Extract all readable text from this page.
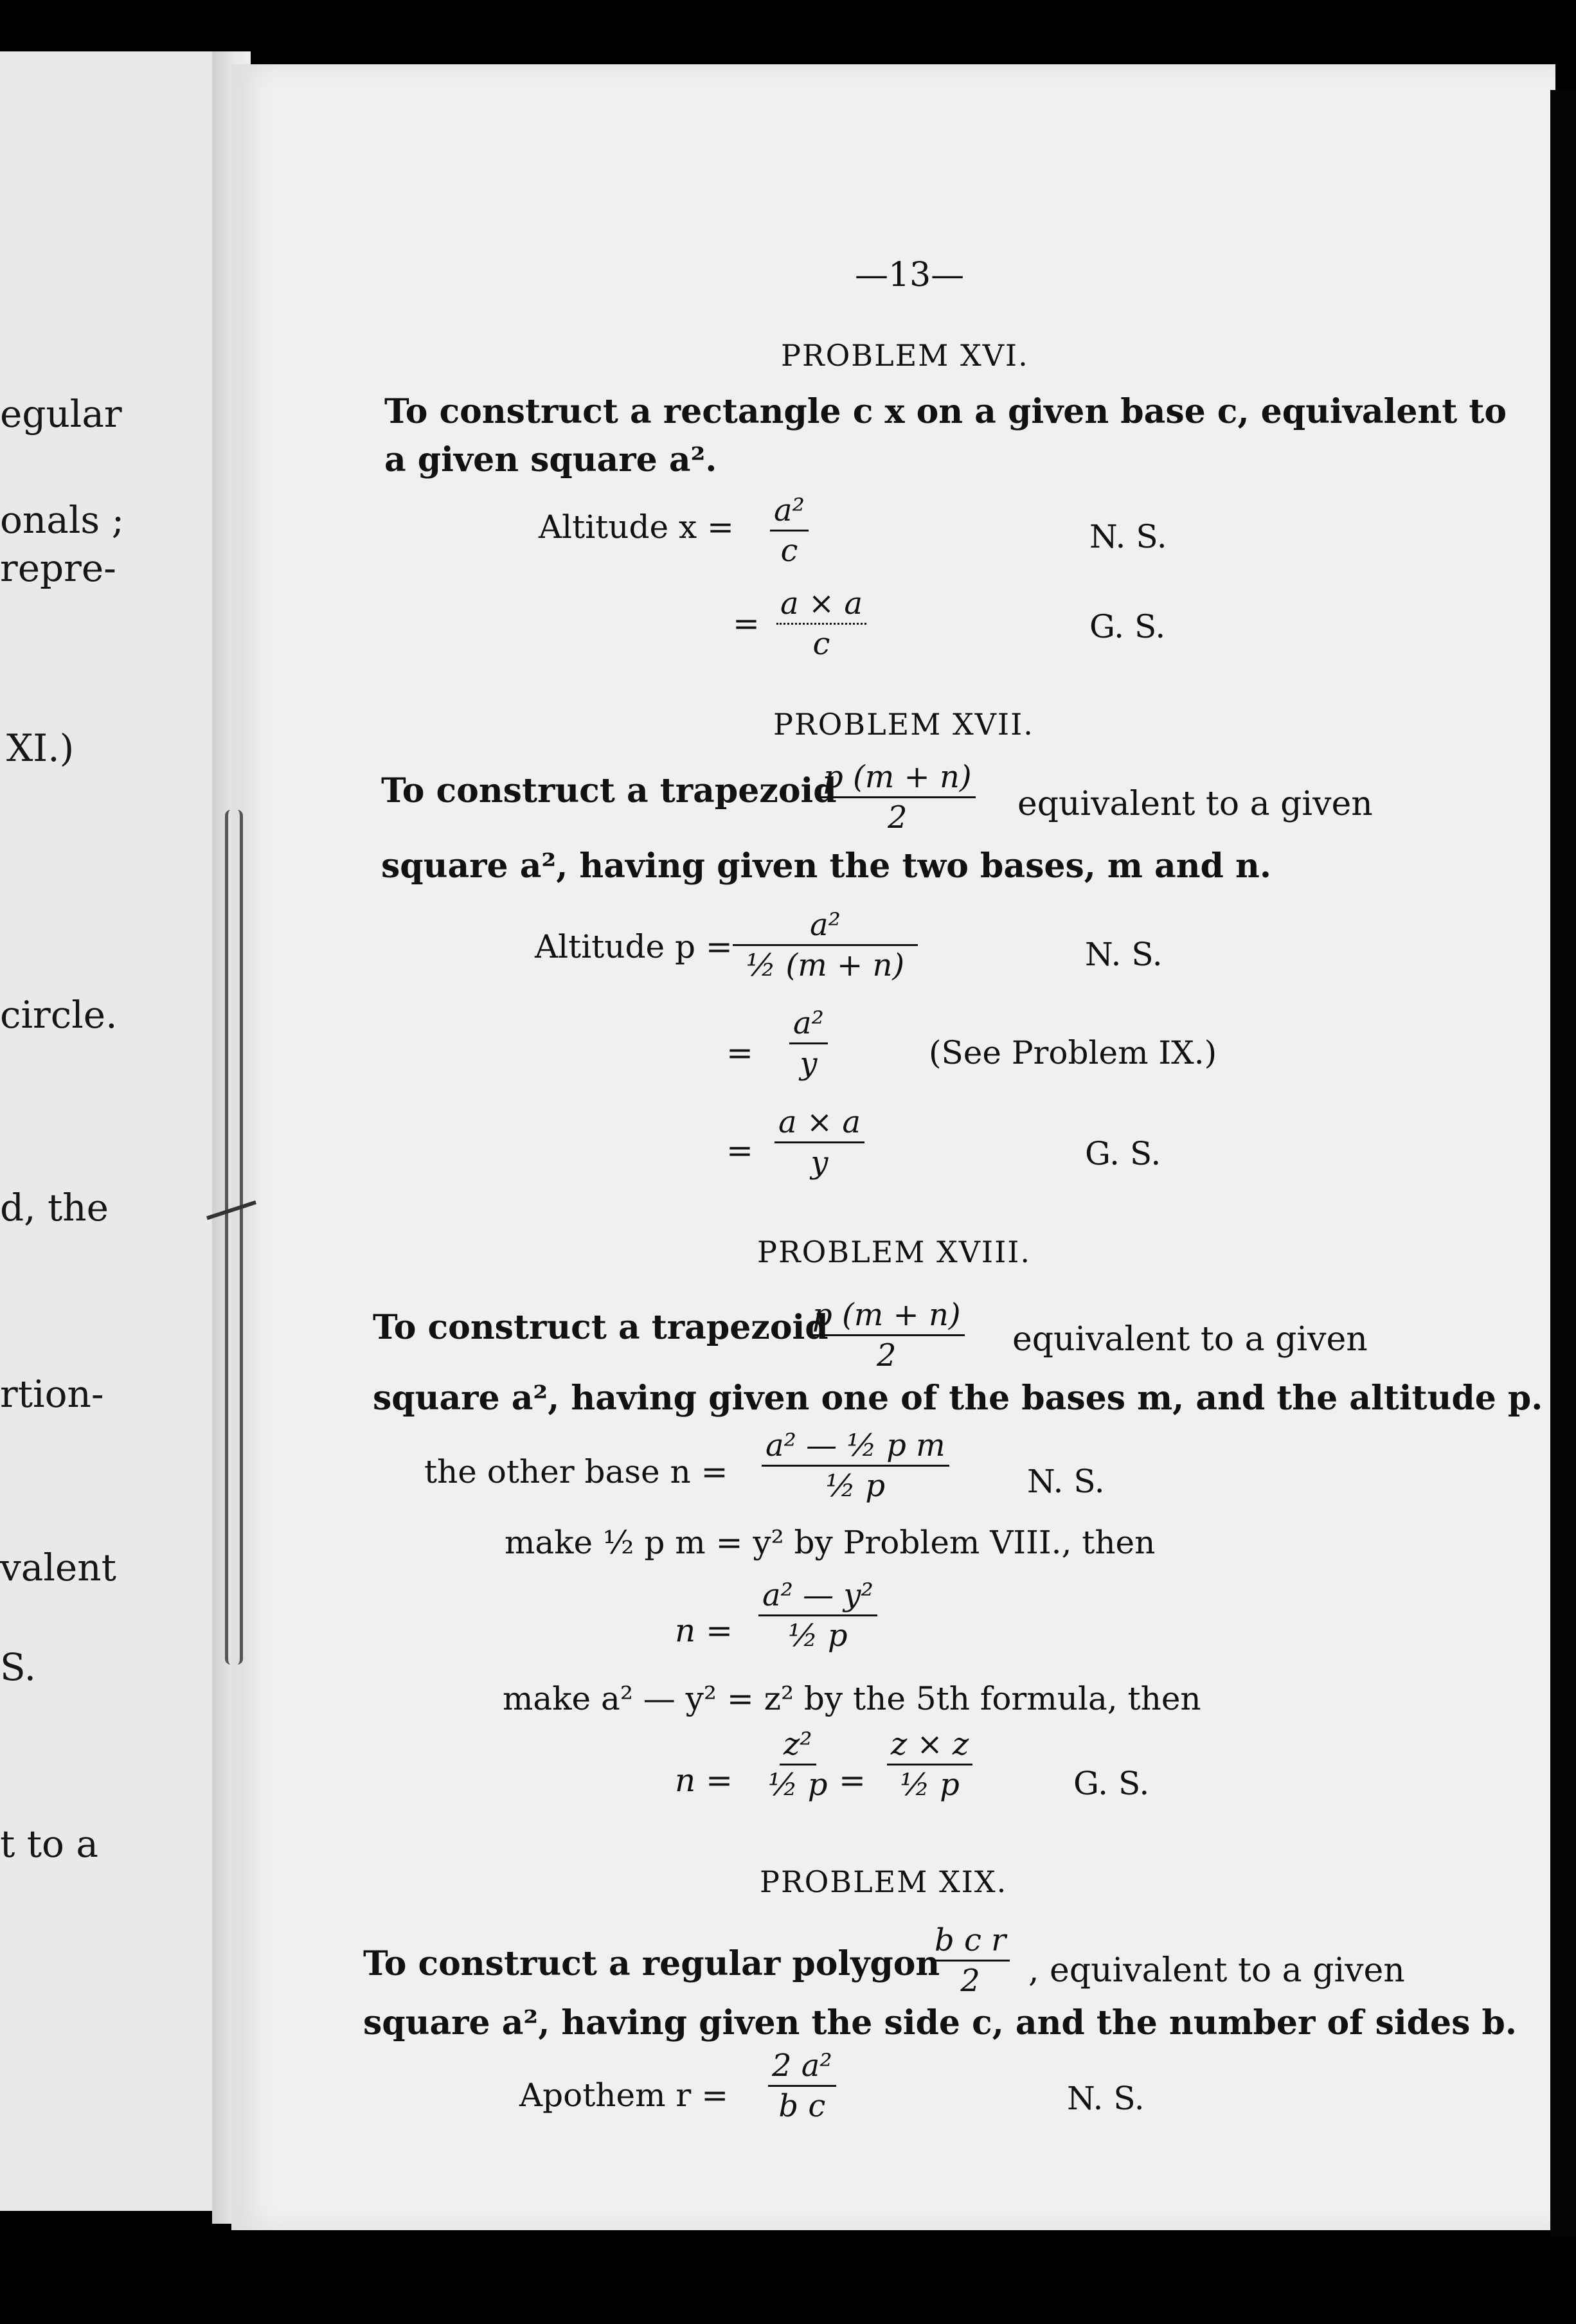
egular
onals ;
repre-
XI.)
circle.
d, the
rtion-
valent
S.
t to a
—13—
PROBLEM XVI.
To construct a rectangle c x on a given base c, equivalent to
a given square a².
Altitude $x = \frac{\text{a²}}{c}$	N. S.
= $\frac{a \times a}{c}$	G. S.
PROBLEM XVII.
To construct a trapezoid
$\frac{p (m + n)}{2}$ equivalent to a given
square a², having given the two bases, m and n.
Altitude $p = \frac{\text{a²}}{\text{½ (m + n)}}$	N. S.
= $\frac{\text{a²}}{y}$	(See Problem IX.)
= $\frac{a \times a}{y}$	G. S.
PROBLEM XVIII.
To construct a trapezoid
$\frac{p (m + n)}{2}$ equivalent to a given
square a², having given one of the bases m, and the altitude p.
the other base $n = \frac{\text{a² — ½ p m}}{\text{½ p}} N$. S.
make ½ p m = y² by Problem VIII., then
$n = \frac{\text{a² — y²}}{\text{½ p}}$
make a² — y² = z² by the 5th formula, then
$n = \frac{\text{z²}}{\text{½ p}} = \frac{z \times z}{\text{½ p}}$	G. S.
PROBLEM XIX.
To construct a regular polygon
$\frac{\text{b c r}}{2}$ , equivalent to a given
square a², having given the side c, and the number of sides b.
Apothem $r = \frac{\text{2 a²}}{\text{b c}}$	N. S.
